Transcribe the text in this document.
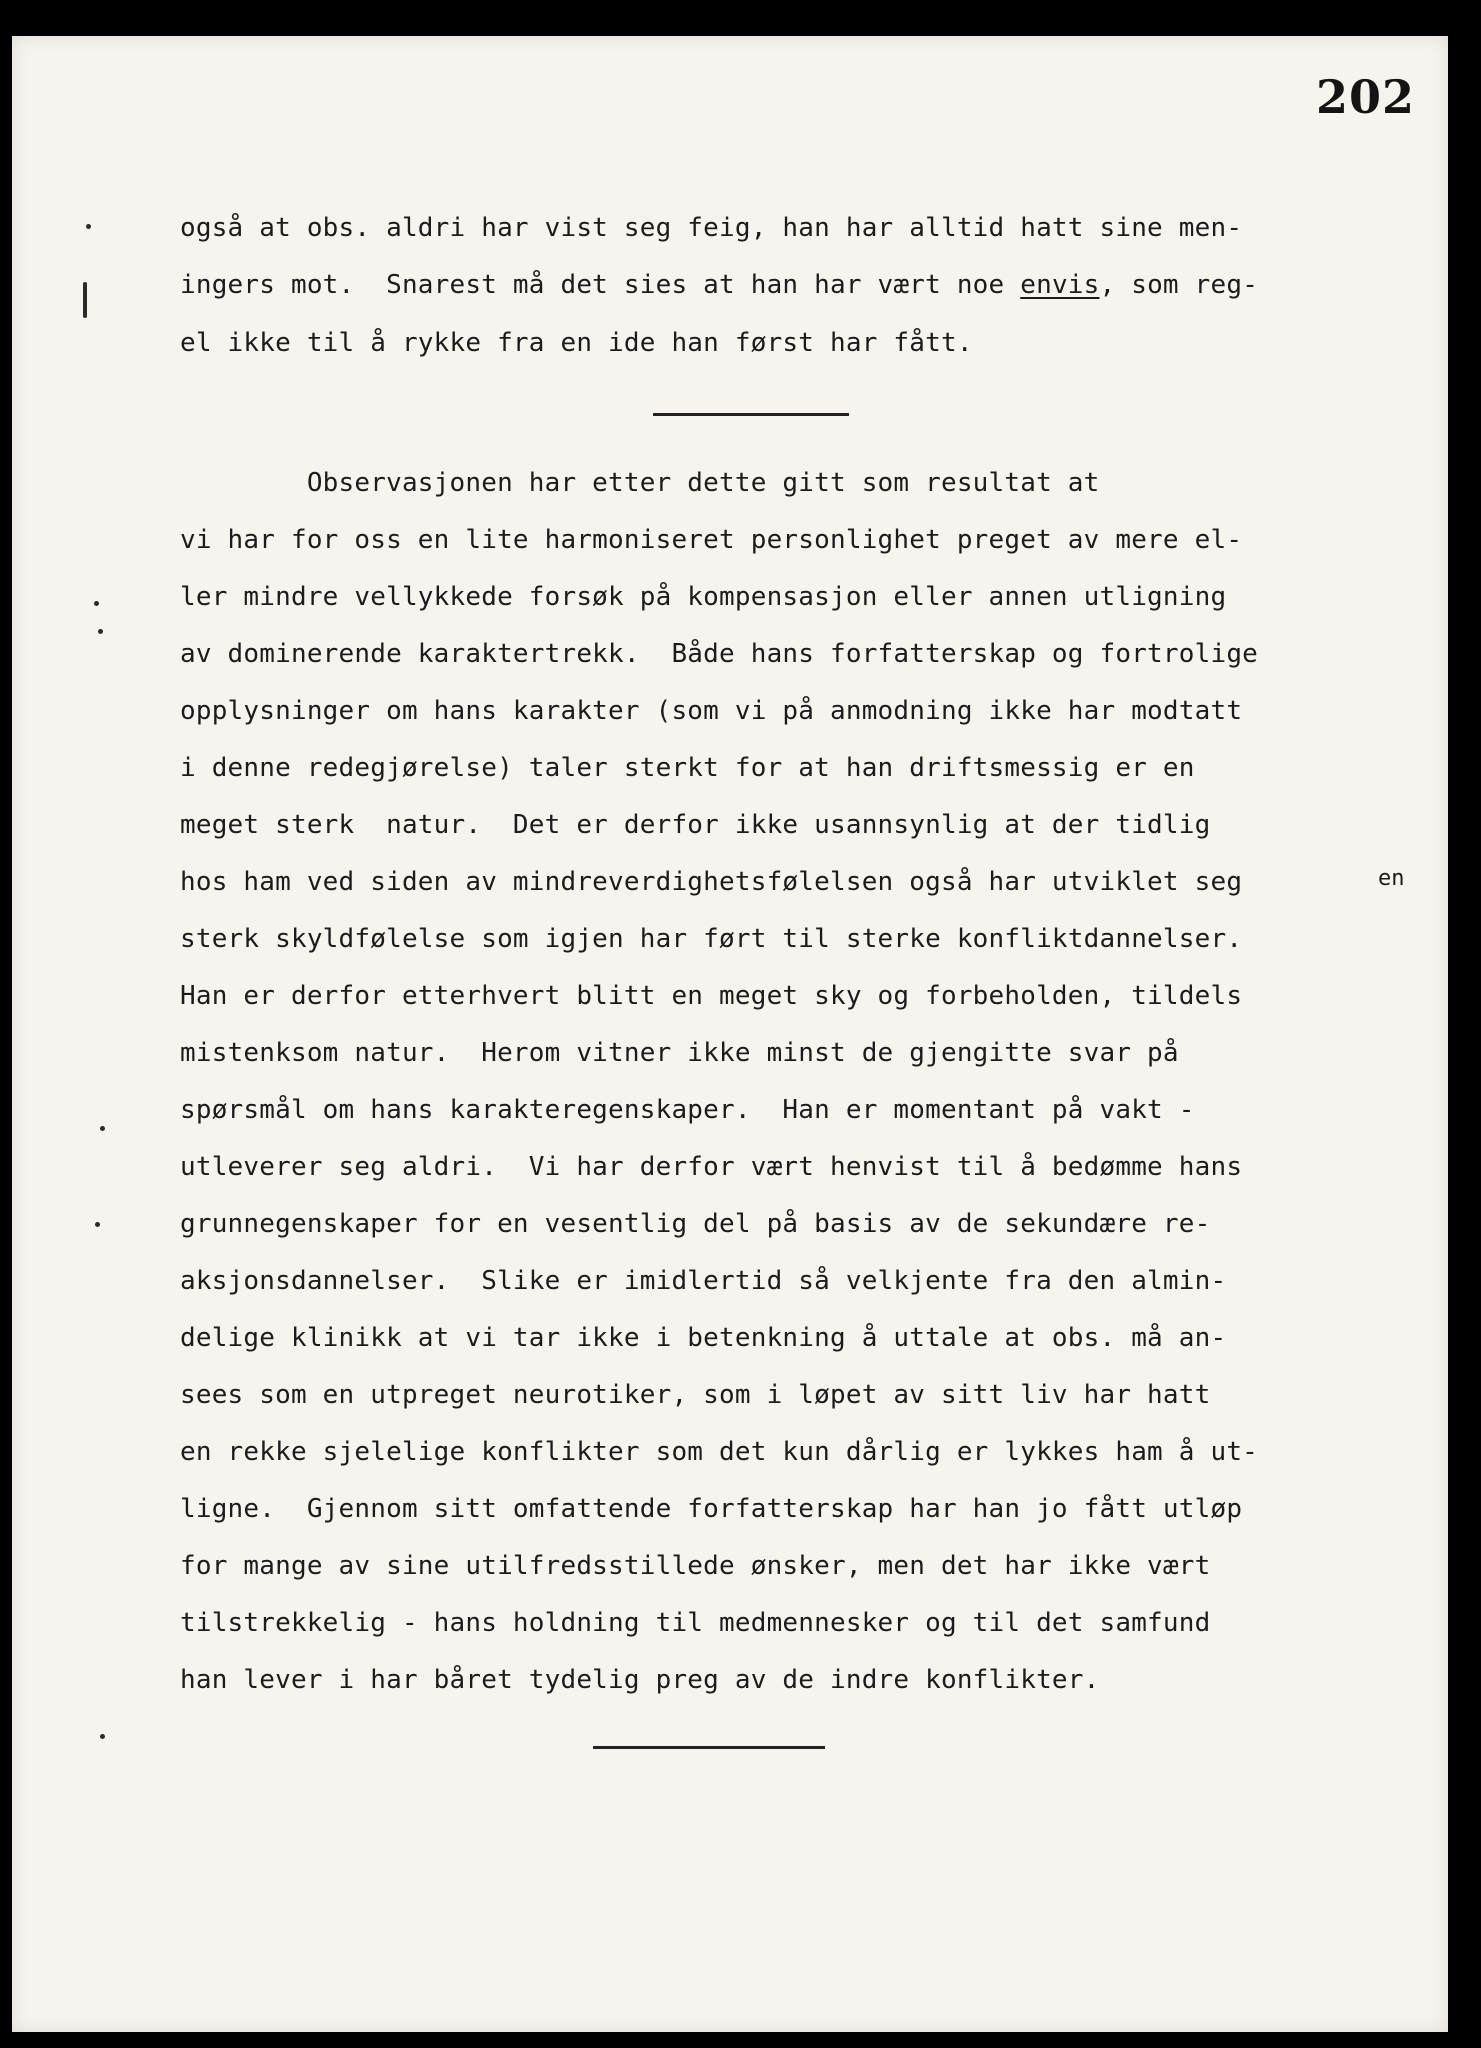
202
også at obs. aldri har vist seg feig, han har alltid hatt sine men-
ingers mot.  Snarest må det sies at han har vært noe envis, som reg-
el ikke til å rykke fra en ide han først har fått.
Observasjonen har etter dette gitt som resultat at
vi har for oss en lite harmoniseret personlighet preget av mere el-
ler mindre vellykkede forsøk på kompensasjon eller annen utligning
av dominerende karaktertrekk.  Både hans forfatterskap og fortrolige
opplysninger om hans karakter (som vi på anmodning ikke har modtatt
i denne redegjørelse) taler sterkt for at han driftsmessig er en
meget sterk  natur.  Det er derfor ikke usannsynlig at der tidlig
hos ham ved siden av mindreverdighetsfølelsen også har utviklet seg	en
sterk skyldfølelse som igjen har ført til sterke konfliktdannelser.
Han er derfor etterhvert blitt en meget sky og forbeholden, tildels
mistenksom natur.  Herom vitner ikke minst de gjengitte svar på
spørsmål om hans karakteregenskaper.  Han er momentant på vakt -
utleverer seg aldri.  Vi har derfor vært henvist til å bedømme hans
grunnegenskaper for en vesentlig del på basis av de sekundære re-
aksjonsdannelser.  Slike er imidlertid så velkjente fra den almin-
delige klinikk at vi tar ikke i betenkning å uttale at obs. må an-
sees som en utpreget neurotiker, som i løpet av sitt liv har hatt
en rekke sjelelige konflikter som det kun dårlig er lykkes ham å ut-
ligne.  Gjennom sitt omfattende forfatterskap har han jo fått utløp
for mange av sine utilfredsstillede ønsker, men det har ikke vært
tilstrekkelig - hans holdning til medmennesker og til det samfund
han lever i har båret tydelig preg av de indre konflikter.
